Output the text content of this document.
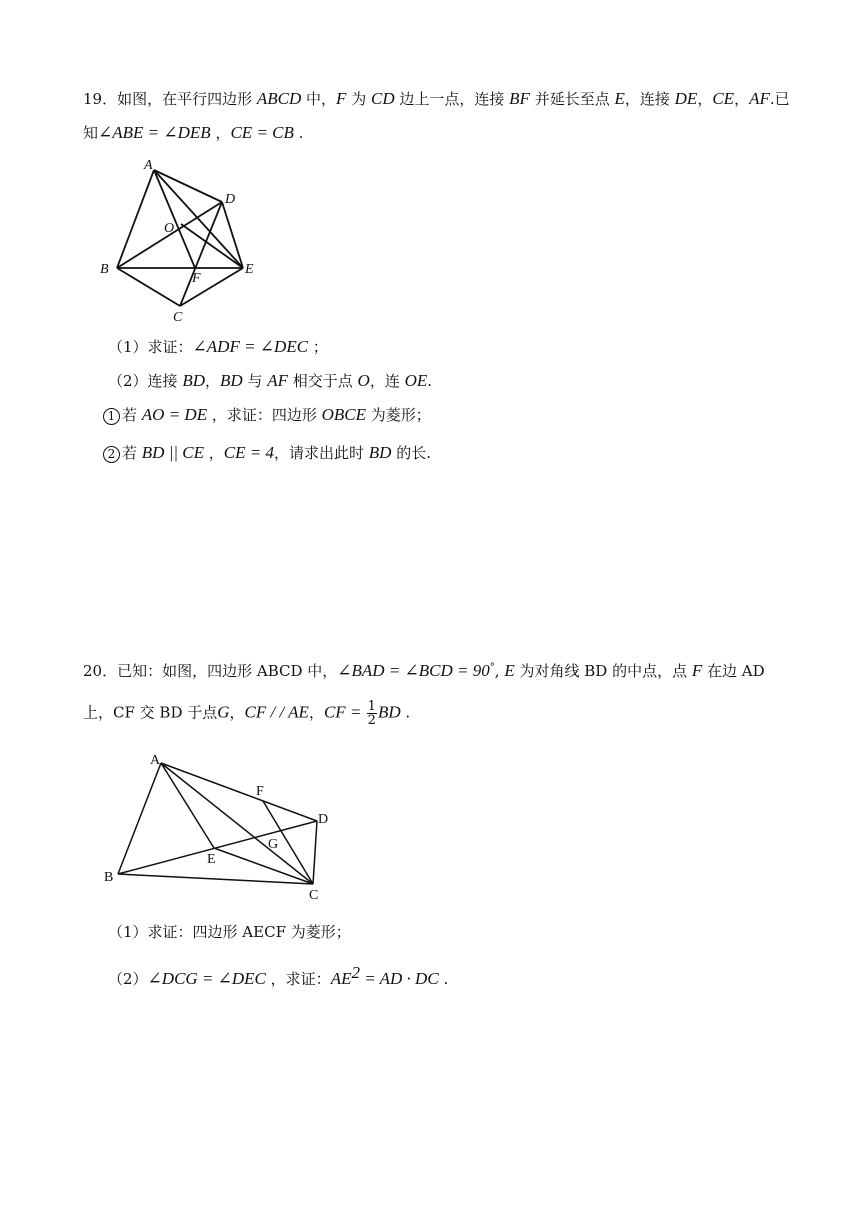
19．如图，在平行四边形 ABCD 中，F 为 CD 边上一点，连接 BF 并延长至点 E，连接 DE，CE，AF.已
知∠ABE = ∠DEB ，CE = CB .
A
D
O
B	E
F
C
（1）求证：∠ADF = ∠DEC ；
（2）连接 BD，BD 与 AF 相交于点 O，连 OE.
1 若 AO = DE ，求证：四边形 OBCE 为菱形；
2 若 BD || CE ，CE = 4，请求出此时 BD 的长.
20．已知：如图，四边形 ABCD 中，∠BAD = ∠BCD = 90°, E 为对角线 BD 的中点，点 F 在边 AD
上，CF 交 BD 于点G，CF / / AE，CF = $\frac{1}{2}$ BD .
A
F
D
G
E
B
C
（1）求证：四边形 AECF 为菱形；
（2）∠DCG = ∠DEC ，求证：$AE^2$ = AD · DC .
